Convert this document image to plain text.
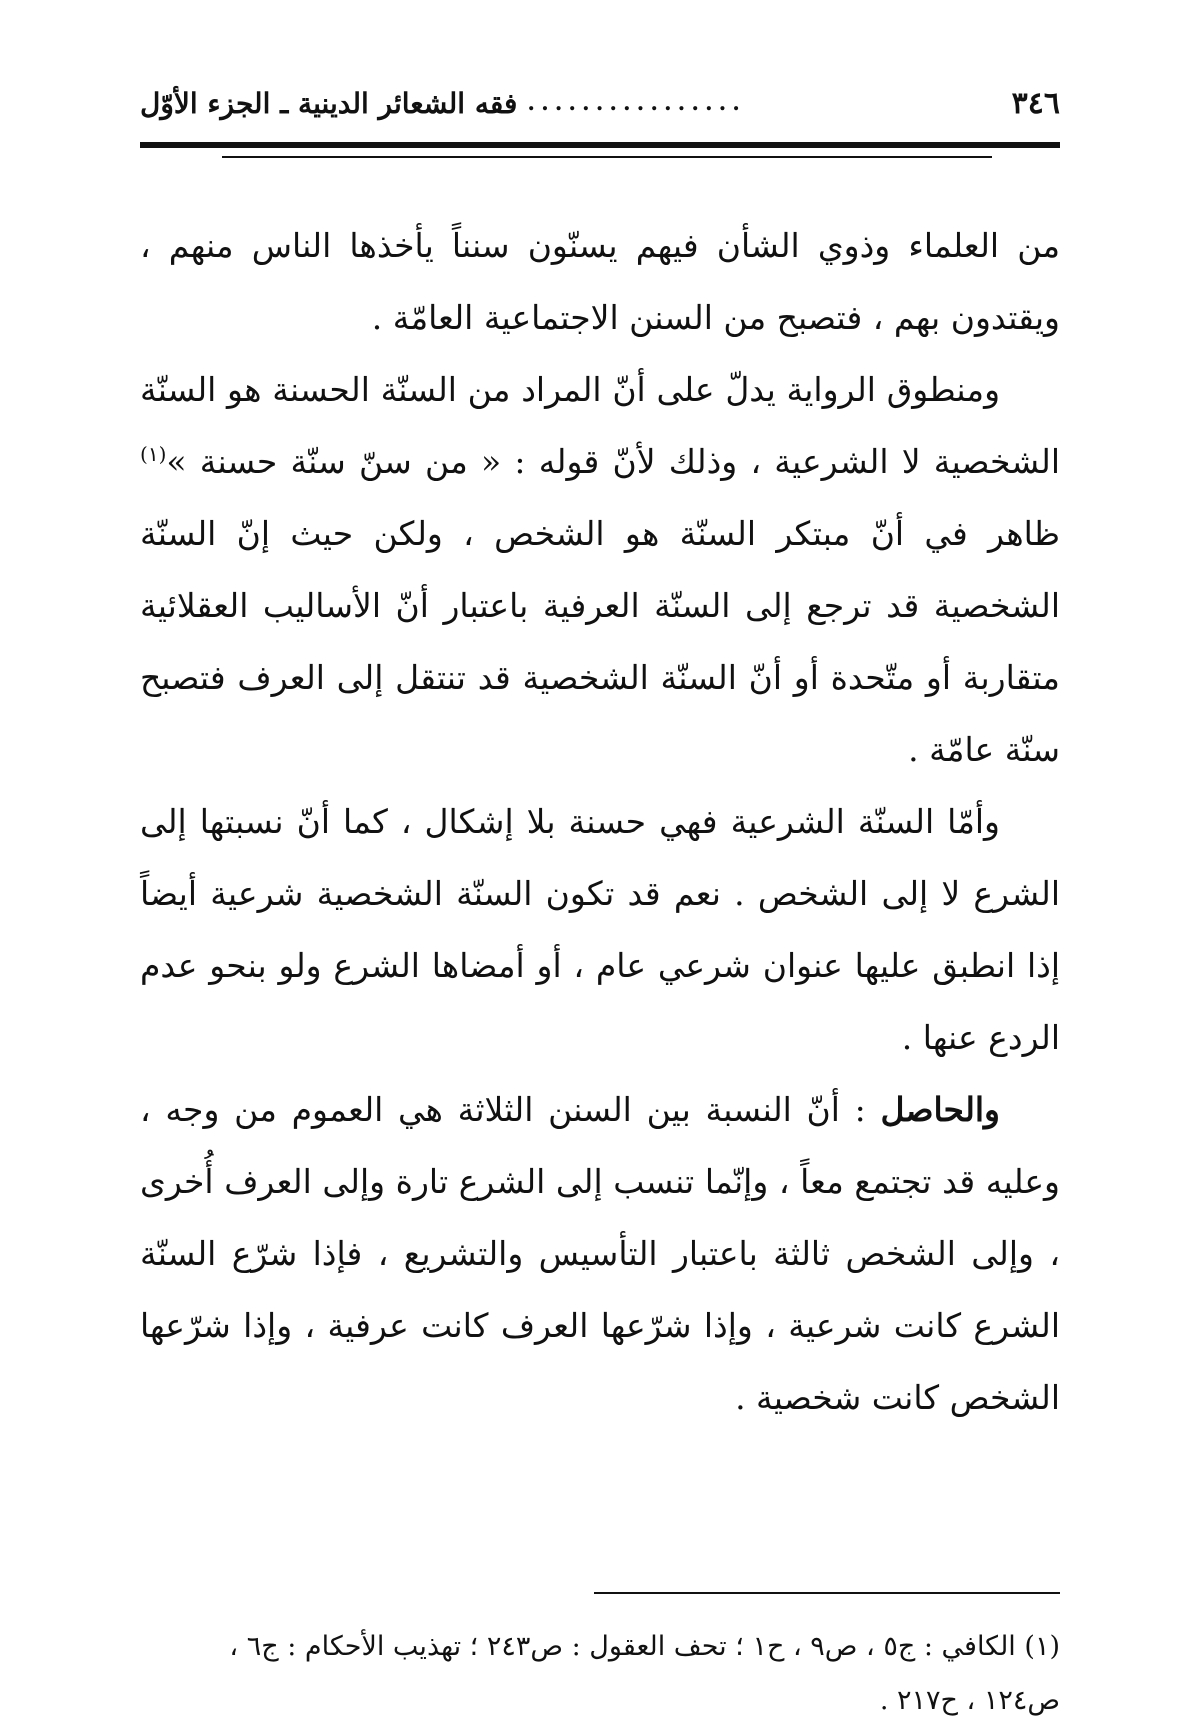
٣٤٦
................
فقه الشعائر الدينية ـ الجزء الأوّل

من العلماء وذوي الشأن فيهم يسنّون سنناً يأخذها الناس منهم ، ويقتدون بهم ، فتصبح من السنن الاجتماعية العامّة .

ومنطوق الرواية يدلّ على أنّ المراد من السنّة الحسنة هو السنّة الشخصية لا الشرعية ، وذلك لأنّ قوله : « من سنّ سنّة حسنة »$^{(١)}$ ظاهر في أنّ مبتكر السنّة هو الشخص ، ولكن حيث إنّ السنّة الشخصية قد ترجع إلى السنّة العرفية باعتبار أنّ الأساليب العقلائية متقاربة أو متّحدة أو أنّ السنّة الشخصية قد تنتقل إلى العرف فتصبح سنّة عامّة .

وأمّا السنّة الشرعية فهي حسنة بلا إشكال ، كما أنّ نسبتها إلى الشرع لا إلى الشخص . نعم قد تكون السنّة الشخصية شرعية أيضاً إذا انطبق عليها عنوان شرعي عام ، أو أمضاها الشرع ولو بنحو عدم الردع عنها .

والحاصل : أنّ النسبة بين السنن الثلاثة هي العموم من وجه ، وعليه قد تجتمع معاً ، وإنّما تنسب إلى الشرع تارة وإلى العرف أُخرى ، وإلى الشخص ثالثة باعتبار التأسيس والتشريع ، فإذا شرّع السنّة الشرع كانت شرعية ، وإذا شرّعها العرف كانت عرفية ، وإذا شرّعها الشخص كانت شخصية .

(١) الكافي : ج٥ ، ص٩ ، ح١ ؛ تحف العقول : ص٢٤٣ ؛ تهذيب الأحكام : ج٦ ،

ص١٢٤ ، ح٢١٧ .
